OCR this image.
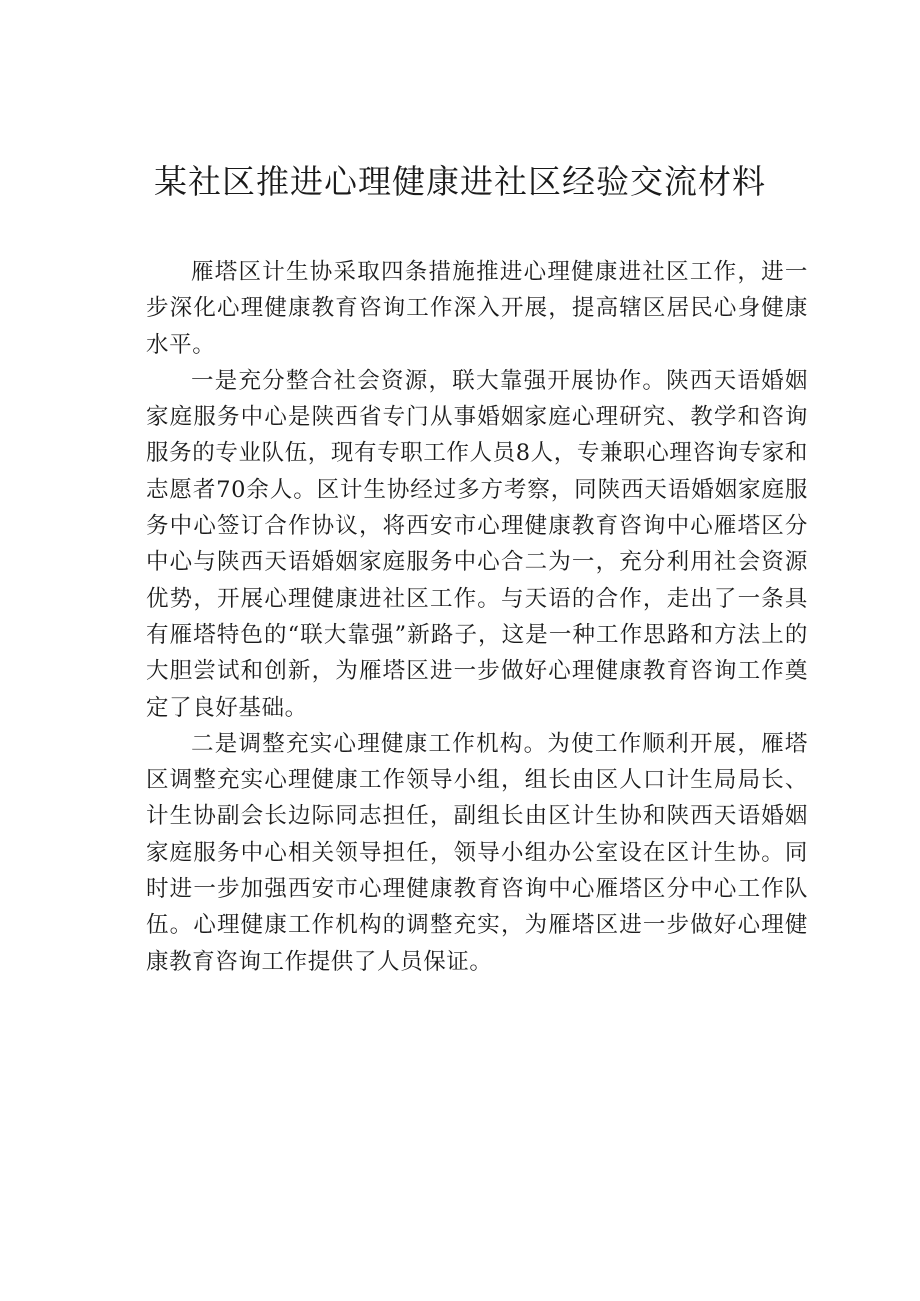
某社区推进心理健康进社区经验交流材料

雁塔区计生协采取四条措施推进心理健康进社区工作，进一步深化心理健康教育咨询工作深入开展，提高辖区居民心身健康水平。

一是充分整合社会资源，联大靠强开展协作。陕西天语婚姻家庭服务中心是陕西省专门从事婚姻家庭心理研究、教学和咨询服务的专业队伍，现有专职工作人员8人，专兼职心理咨询专家和志愿者70余人。区计生协经过多方考察，同陕西天语婚姻家庭服务中心签订合作协议，将西安市心理健康教育咨询中心雁塔区分中心与陕西天语婚姻家庭服务中心合二为一，充分利用社会资源优势，开展心理健康进社区工作。与天语的合作，走出了一条具有雁塔特色的“联大靠强”新路子，这是一种工作思路和方法上的大胆尝试和创新，为雁塔区进一步做好心理健康教育咨询工作奠定了良好基础。

二是调整充实心理健康工作机构。为使工作顺利开展，雁塔区调整充实心理健康工作领导小组，组长由区人口计生局局长、计生协副会长边际同志担任，副组长由区计生协和陕西天语婚姻家庭服务中心相关领导担任，领导小组办公室设在区计生协。同时进一步加强西安市心理健康教育咨询中心雁塔区分中心工作队伍。心理健康工作机构的调整充实，为雁塔区进一步做好心理健康教育咨询工作提供了人员保证。
